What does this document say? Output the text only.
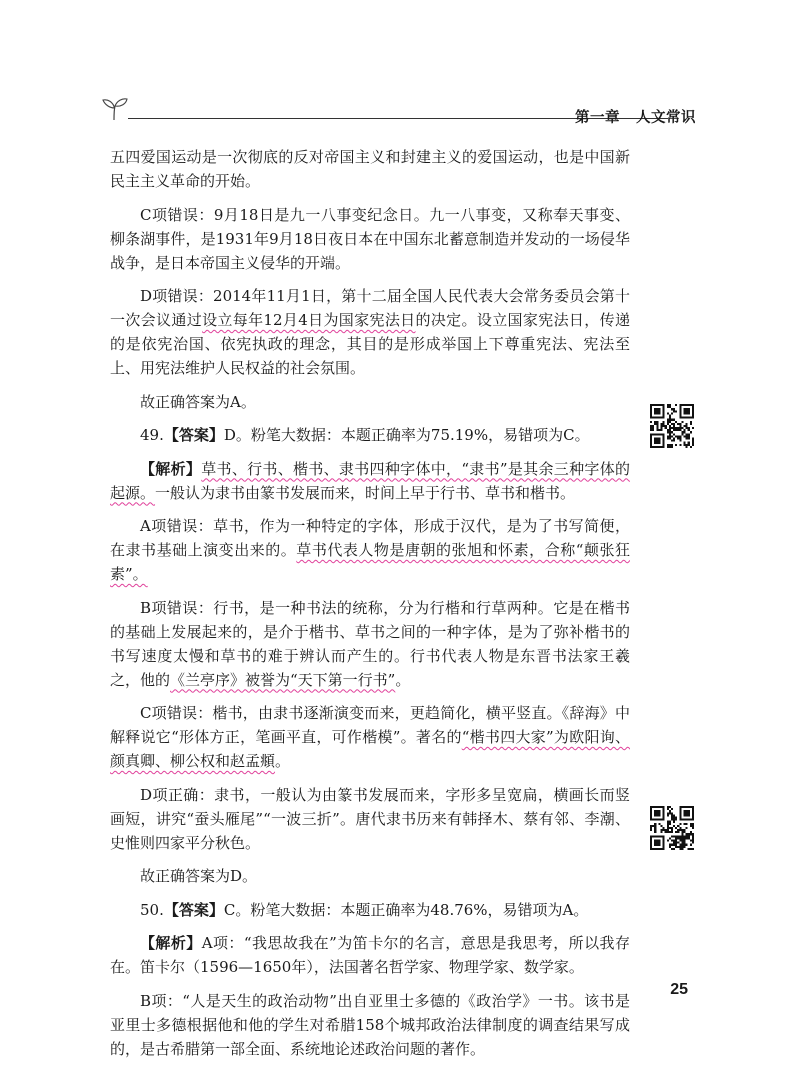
第一章 人文常识

五四爱国运动是一次彻底的反对帝国主义和封建主义的爱国运动，也是中国新民主主义革命的开始。

C项错误：9月18日是九一八事变纪念日。九一八事变，又称奉天事变、柳条湖事件，是1931年9月18日夜日本在中国东北蓄意制造并发动的一场侵华战争，是日本帝国主义侵华的开端。

D项错误：2014年11月1日，第十二届全国人民代表大会常务委员会第十一次会议通过设立每年12月4日为国家宪法日的决定。设立国家宪法日，传递的是依宪治国、依宪执政的理念，其目的是形成举国上下尊重宪法、宪法至上、用宪法维护人民权益的社会氛围。

故正确答案为A。

49.【答案】D。粉笔大数据：本题正确率为75.19%，易错项为C。

【解析】草书、行书、楷书、隶书四种字体中，“隶书”是其余三种字体的起源。一般认为隶书由篆书发展而来，时间上早于行书、草书和楷书。

A项错误：草书，作为一种特定的字体，形成于汉代，是为了书写简便，在隶书基础上演变出来的。草书代表人物是唐朝的张旭和怀素，合称“颠张狂素”。

B项错误：行书，是一种书法的统称，分为行楷和行草两种。它是在楷书的基础上发展起来的，是介于楷书、草书之间的一种字体，是为了弥补楷书的书写速度太慢和草书的难于辨认而产生的。行书代表人物是东晋书法家王羲之，他的《兰亭序》被誉为“天下第一行书”。

C项错误：楷书，由隶书逐渐演变而来，更趋简化，横平竖直。《辞海》中解释说它“形体方正，笔画平直，可作楷模”。著名的“楷书四大家”为欧阳询、颜真卿、柳公权和赵孟頫。

D项正确：隶书，一般认为由篆书发展而来，字形多呈宽扁，横画长而竖画短，讲究“蚕头雁尾”“一波三折”。唐代隶书历来有韩择木、蔡有邻、李潮、史惟则四家平分秋色。

故正确答案为D。

50.【答案】C。粉笔大数据：本题正确率为48.76%，易错项为A。

【解析】A项：“我思故我在”为笛卡尔的名言，意思是我思考，所以我存在。笛卡尔（1596—1650年），法国著名哲学家、物理学家、数学家。

B项：“人是天生的政治动物”出自亚里士多德的《政治学》一书。该书是亚里士多德根据他和他的学生对希腊158个城邦政治法律制度的调查结果写成的，是古希腊第一部全面、系统地论述政治问题的著作。

25
